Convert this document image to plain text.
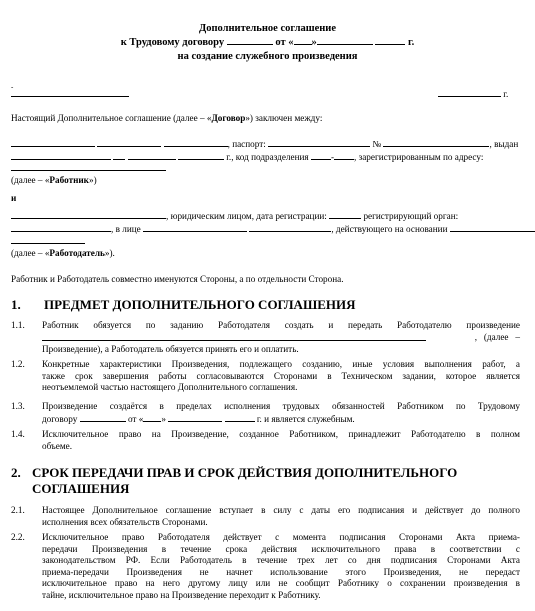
Дополнительное соглашение
к Трудовому договору	от « »	г.
на создание служебного произведения
-
г.
Настоящий Дополнительное соглашение (далее – «Договор») заключен между:
, паспорт:	№	, выдан
г., код подразделения - , зарегистрированным по адресу:
(далее – «Работник»)
и
, юридическим лицом, дата регистрации:	регистрирующий орган:
, в лице	, действующего на основании
(далее – «Работодатель»).
Работник и Работодатель совместно именуются Стороны, а по отдельности Сторона.
1. ПРЕДМЕТ ДОПОЛНИТЕЛЬНОГО СОГЛАШЕНИЯ
1.1. Работник обязуется по заданию Работодателя создать и передать Работодателю произведение
,   (далее   –
Произведение), а Работодатель обязуется принять его и оплатить.
1.2. Конкретные характеристики Произведения, подлежащего созданию, иные условия выполнения работ, а
также срок завершения работы согласовываются Сторонами в Техническом задании, которое является
неотъемлемой частью настоящего Дополнительного соглашения.
1.3. Произведение создаётся в пределах исполнения трудовых обязанностей Работником по Трудовому
договору	от « »	г. и является служебным.
1.4. Исключительное право на Произведение, созданное Работником, принадлежит Работодателю в полном
объеме.
2. СРОК ПЕРЕДАЧИ ПРАВ И СРОК ДЕЙСТВИЯ ДОПОЛНИТЕЛЬНОГО
СОГЛАШЕНИЯ
2.1. Настоящее Дополнительное соглашение вступает в силу с даты его подписания и действует до полного
исполнения всех обязательств Сторонами.
2.2. Исключительное право Работодателя действует с момента подписания Сторонами Акта приема-
передачи Произведения в течение срока действия исключительного права в соответствии с
законодательством РФ. Если Работодатель в течение трех лет со дня подписания Сторонами Акта
приема-передачи Произведения не начнет использование этого Произведения, не передаст
исключительное право на него другому лицу или не сообщит Работнику о сохранении произведения в
тайне, исключительное право на Произведение переходит к Работнику.
